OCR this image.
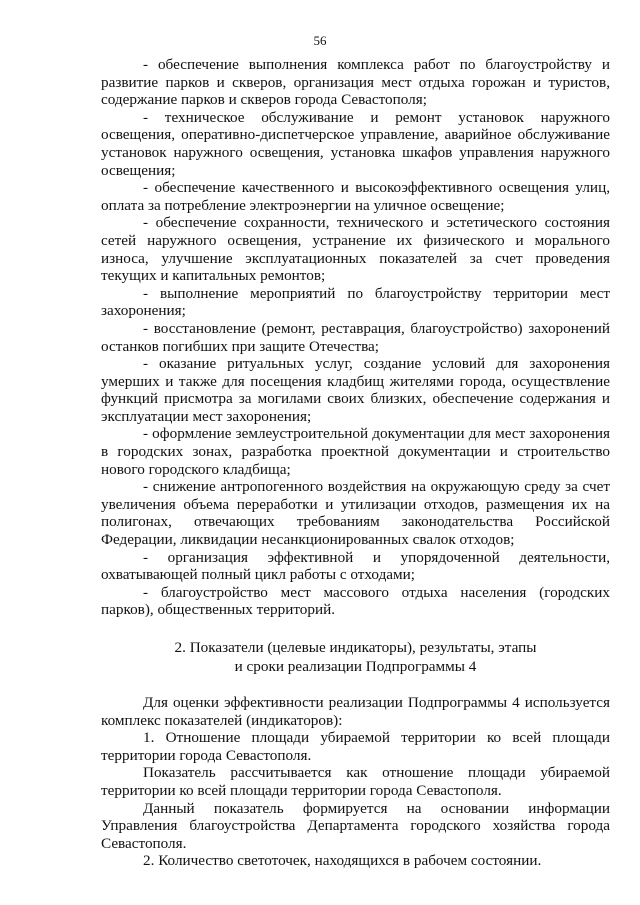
56

- обеспечение выполнения комплекса работ по благоустройству и развитие парков и скверов, организация мест отдыха горожан и туристов, содержание парков и скверов города Севастополя;

- техническое обслуживание и ремонт установок наружного освещения, оперативно-диспетчерское управление, аварийное обслуживание установок наружного освещения, установка шкафов управления наружного освещения;

- обеспечение качественного и высокоэффективного освещения улиц, оплата за потребление электроэнергии на уличное освещение;

- обеспечение сохранности, технического и эстетического состояния сетей наружного освещения, устранение их физического и морального износа, улучшение эксплуатационных показателей за счет проведения текущих и капитальных ремонтов;

- выполнение мероприятий по благоустройству территории мест захоронения;

- восстановление (ремонт, реставрация, благоустройство) захоронений останков погибших при защите Отечества;

- оказание ритуальных услуг, создание условий для захоронения умерших и также для посещения кладбищ жителями города, осуществление функций присмотра за могилами своих близких, обеспечение содержания и эксплуатации мест захоронения;

- оформление землеустроительной документации для мест захоронения в городских зонах, разработка проектной документации и строительство нового городского кладбища;

- снижение антропогенного воздействия на окружающую среду за счет увеличения объема переработки и утилизации отходов, размещения их на полигонах, отвечающих требованиям законодательства Российской Федерации, ликвидации несанкционированных свалок отходов;

- организация эффективной и упорядоченной деятельности, охватывающей полный цикл работы с отходами;

- благоустройство мест массового отдыха населения (городских парков), общественных территорий.

2. Показатели (целевые индикаторы), результаты, этапы
и сроки реализации Подпрограммы 4

Для оценки эффективности реализации Подпрограммы 4 используется комплекс показателей (индикаторов):

1. Отношение площади убираемой территории ко всей площади территории города Севастополя.

Показатель рассчитывается как отношение площади убираемой территории ко всей площади территории города Севастополя.

Данный показатель формируется на основании информации Управления благоустройства Департамента городского хозяйства города Севастополя.

2. Количество светоточек, находящихся в рабочем состоянии.
